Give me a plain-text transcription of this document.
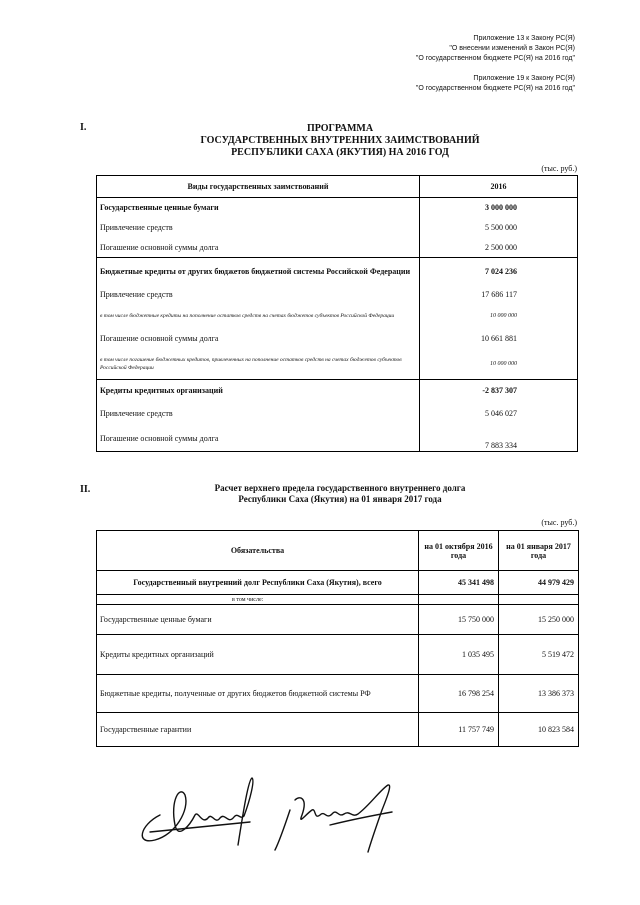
Приложение 13 к Закону РС(Я)
"О внесении изменений в Закон РС(Я)
"О государственном бюджете РС(Я) на 2016 год"
Приложение 19 к Закону РС(Я)
"О государственном бюджете РС(Я) на 2016 год"
I.	ПРОГРАММА
ГОСУДАРСТВЕННЫХ ВНУТРЕННИХ ЗАИМСТВОВАНИЙ
РЕСПУБЛИКИ САХА (ЯКУТИЯ) НА 2016 ГОД
(тыс. руб.)
Виды государственных заимствований	2016
Государственные ценные бумаги	3 000 000
Привлечение средств	5 500 000
Погашение основной суммы долга	2 500 000
Бюджетные кредиты от других бюджетов бюджетной системы Российской Федерации	7 024 236
Привлечение средств	17 686 117
в том числе бюджетные кредиты на пополнение остатков средств на счетах бюджетов субъектов Российской Федерации	10 000 000
Погашение основной суммы долга	10 661 881
в том числе погашение бюджетных кредитов, привлеченных на пополнение остатков средств на счетах бюджетов субъектов Российской Федерации	10 000 000
Кредиты кредитных организаций	-2 837 307
Привлечение средств	5 046 027
Погашение основной суммы долга	7 883 334
II.	Расчет верхнего предела государственного внутреннего долга
Республики Саха (Якутия) на 01 января 2017 года
(тыс. руб.)
Обязательства	на 01 октября 2016 года	на 01 января 2017 года
Государственный внутренний долг Республики Саха (Якутия), всего	45 341 498	44 979 429
в том числе:		
Государственные ценные бумаги	15 750 000	15 250 000
Кредиты кредитных организаций	1 035 495	5 519 472
Бюджетные кредиты, полученные от других бюджетов бюджетной системы РФ	16 798 254	13 386 373
Государственные гарантии	11 757 749	10 823 584
